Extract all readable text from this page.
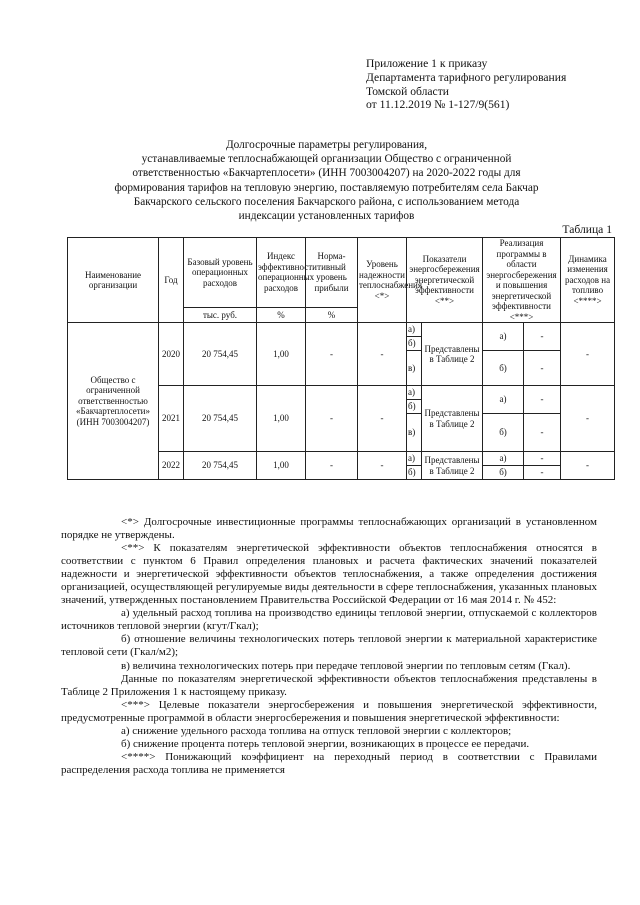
Приложение 1 к приказу
Департамента тарифного регулирования
Томской области
от 11.12.2019 № 1-127/9(561)
Долгосрочные параметры регулирования,
устанавливаемые теплоснабжающей организации Общество с ограниченной
ответственностью «Бакчартеплосети» (ИНН 7003004207) на 2020-2022 годы для
формирования тарифов на тепловую энергию, поставляемую потребителям села Бакчар
Бакчарского сельского поселения Бакчарского района, с использованием метода
индексации установленных тарифов
Таблица 1
Наименование организации	Год	Базовый уровень операционных расходов	Индекс эффективности операционных расходов	Норма-тивный уровень прибыли	Уровень надежности теплоснабжения <*>	Показатели энергосбережения энергетической эффективности <**>		Реализация программы в области энергосбережения и повышения энергетической эффективности <***>		Динамика изменения расходов на топливо <****>
		тыс. руб.	%	%						
Общество с ограниченной ответственностью «Бакчартеплосети» (ИНН 7003004207)	2020	20 754,45	1,00	-	-	а)	Представлены в Таблице 2	а)	-	-
						б)				
						в)		б)	-	

	2021	20 754,45	1,00	-	-	а)	Представлены в Таблице 2	а)	-	-
						б)				
						в)		б)	-	

	2022	20 754,45	1,00	-	-	а)	Представлены в Таблице 2	а)	-	-
						б)		б)	-	

<*> Долгосрочные инвестиционные программы теплоснабжающих организаций в установленном порядке не утверждены.

<**> К показателям энергетической эффективности объектов теплоснабжения относятся в соответствии с пунктом 6 Правил определения плановых и расчета фактических значений показателей надежности и энергетической эффективности объектов теплоснабжения, а также определения достижения организацией, осуществляющей регулируемые виды деятельности в сфере теплоснабжения, указанных плановых значений, утвержденных постановлением Правительства Российской Федерации от 16 мая 2014 г. № 452:

а) удельный расход топлива на производство единицы тепловой энергии, отпускаемой с коллекторов источников тепловой энергии (кгут/Гкал);

б) отношение величины технологических потерь тепловой энергии к материальной характеристике тепловой сети (Гкал/м2);

в) величина технологических потерь при передаче тепловой энергии по тепловым сетям (Гкал).

Данные по показателям энергетической эффективности объектов теплоснабжения представлены в Таблице 2 Приложения 1 к настоящему приказу.

<***> Целевые показатели энергосбережения и повышения энергетической эффективности, предусмотренные программой в области энергосбережения и повышения энергетической эффективности:

а) снижение удельного расхода топлива на отпуск тепловой энергии с коллекторов;

б) снижение процента потерь тепловой энергии, возникающих в процессе ее передачи.

<****> Понижающий коэффициент на переходный период в соответствии с Правилами распределения расхода топлива не применяется
